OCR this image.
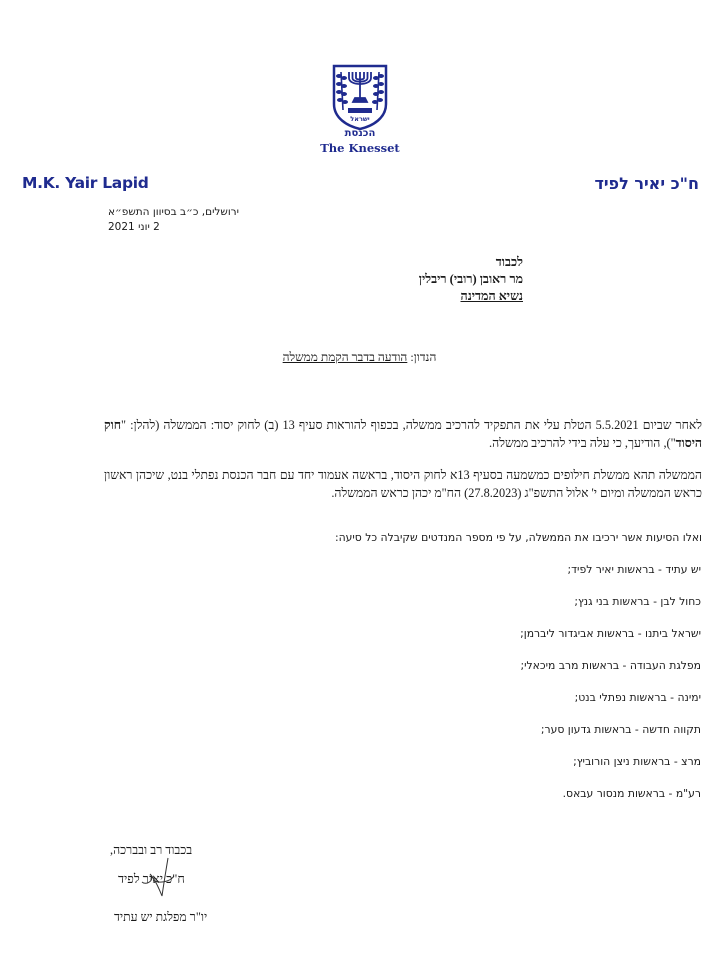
ישראל
הכנסת
The Knesset
M.K. Yair Lapid	ח"כ יאיר לפיד
ירושלים, כ״ב בסיוון התשפ״א
2 יוני 2021
לכבוד
מר ראובן (רובי) ריבלין
נשיא המדינה
הנדון: הודעה בדבר הקמת ממשלה
לאחר שביום 5.5.2021 הטלת עלי את התפקיד להרכיב ממשלה, בכפוף להוראות סעיף 13 (ב) לחוק יסוד: הממשלה (להלן: "חוק היסוד"), הודיעך, כי עלה בידי להרכיב ממשלה.
הממשלה תהא ממשלת חילופים כמשמעה בסעיף 13א לחוק היסוד, בראשה אעמוד יחד עם חבר הכנסת נפתלי בנט, שיכהן ראשון כראש הממשלה ומיום י' אלול התשפ"ג (27.8.2023) הח"מ יכהן כראש הממשלה.
ואלו הסיעות אשר ירכיבו את הממשלה, על פי מספר המנדטים שקיבלה כל סיעה:
יש עתיד - בראשות יאיר לפיד;
כחול לבן - בראשות בני גנץ;
ישראל ביתנו - בראשות אביגדור ליברמן;
מפלגת העבודה - בראשות מרב מיכאלי;
ימינה - בראשות נפתלי בנט;
תקווה חדשה - בראשות גדעון סער;
מרצ - בראשות ניצן הורוביץ;
רע"מ - בראשות מנסור עבאס.
בכבוד רב ובברכה,
ח"כ יאיר לפיד
יו"ר מפלגת יש עתיד
